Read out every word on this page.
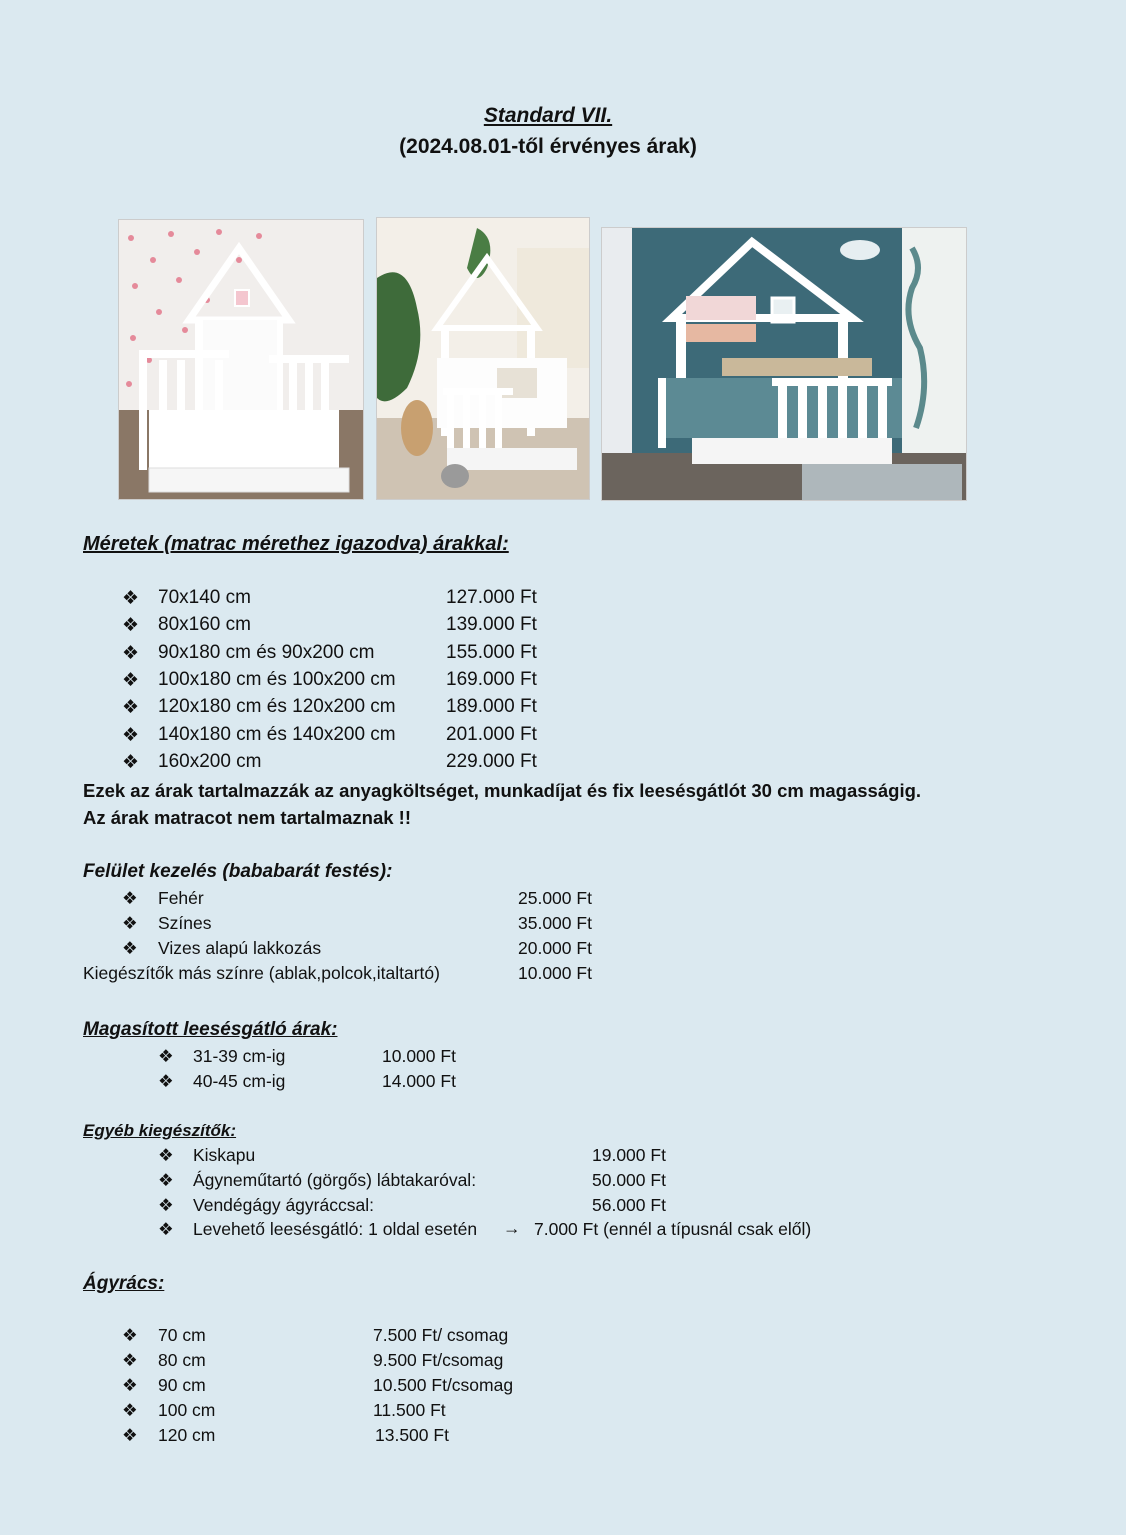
Standard VII.
(2024.08.01-től érvényes árak)
Méretek (matrac mérethez igazodva) árakkal:
❖ 70x140 cm	127.000 Ft
❖ 80x160 cm	139.000 Ft
❖ 90x180 cm és 90x200 cm	155.000 Ft
❖ 100x180 cm és 100x200 cm	169.000 Ft
❖ 120x180 cm és 120x200 cm	189.000 Ft
❖ 140x180 cm és 140x200 cm	201.000 Ft
❖ 160x200 cm	229.000 Ft
Ezek az árak tartalmazzák az anyagköltséget, munkadíjat és fix leesésgátlót 30 cm magasságig.
Az árak matracot nem tartalmaznak !!
Felület kezelés (bababarát festés):
❖ Fehér	25.000 Ft
❖ Színes	35.000 Ft
❖ Vizes alapú lakkozás	20.000 Ft
Kiegészítők más színre (ablak,polcok,italtartó)	10.000 Ft
Magasított leesésgátló árak:
❖ 31-39 cm-ig	10.000 Ft
❖ 40-45 cm-ig	14.000 Ft
Egyéb kiegészítők:
❖ Kiskapu	19.000 Ft
❖ Ágyneműtartó (görgős) lábtakaróval:	50.000 Ft
❖ Vendégágy ágyráccsal:	56.000 Ft
❖ Levehető leesésgátló: 1 oldal esetén → 7.000 Ft (ennél a típusnál csak elől)
Ágyrács:
❖ 70 cm	7.500 Ft/ csomag
❖ 80 cm	9.500 Ft/csomag
❖ 90 cm	10.500 Ft/csomag
❖ 100 cm	11.500 Ft
❖ 120 cm	13.500 Ft
